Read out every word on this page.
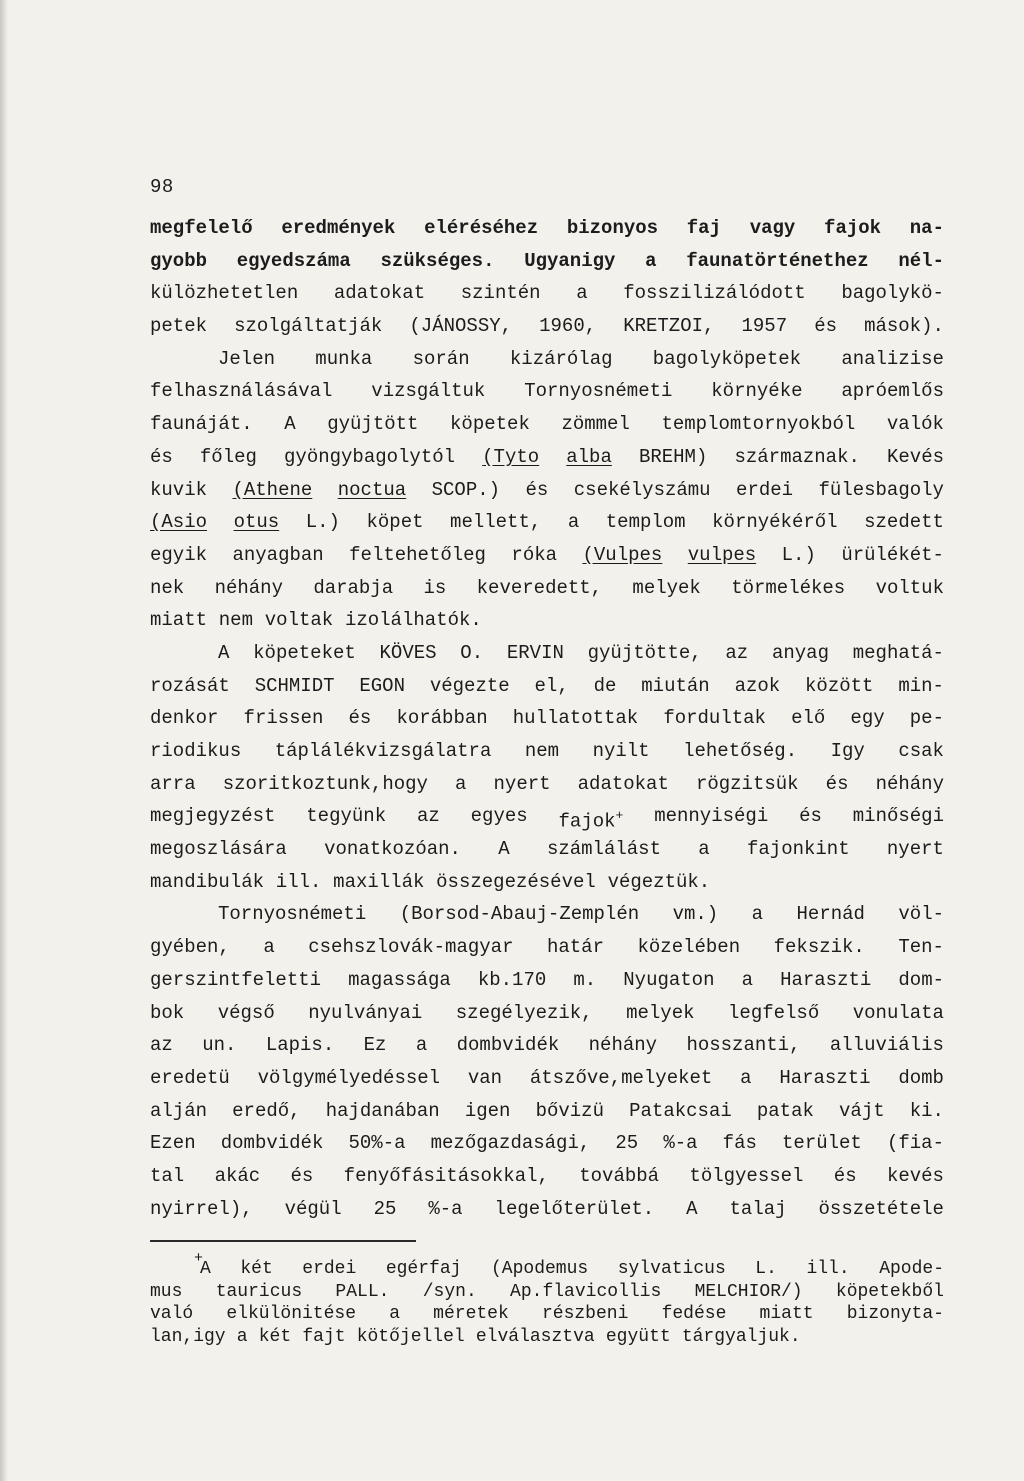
98
megfelelő eredmények eléréséhez bizonyos faj vagy fajok na-
gyobb egyedszáma szükséges. Ugyanigy a faunatörténethez nél-
külözhetetlen adatokat szintén a fosszilizálódott bagolykö-
petek szolgáltatják (JÁNOSSY, 1960, KRETZOI, 1957 és mások).
Jelen munka során kizárólag bagolyköpetek analizise
felhasználásával vizsgáltuk Tornyosnémeti környéke apróemlős
faunáját. A gyüjtött köpetek zömmel templomtornyokból valók
és főleg gyöngybagolytól (Tyto alba BREHM) származnak. Kevés
kuvik (Athene noctua SCOP.) és csekélyszámu erdei fülesbagoly
(Asio otus L.) köpet mellett, a templom környékéről szedett
egyik anyagban feltehetőleg róka (Vulpes vulpes L.) ürülékét-
nek néhány darabja is keveredett, melyek törmelékes voltuk
miatt nem voltak izolálhatók.
A köpeteket KÖVES O. ERVIN gyüjtötte, az anyag meghatá-
rozását SCHMIDT EGON végezte el, de miután azok között min-
denkor frissen és korábban hullatottak fordultak elő egy pe-
riodikus táplálékvizsgálatra nem nyilt lehetőség. Igy csak
arra szoritkoztunk,hogy a nyert adatokat rögzitsük és néhány
megjegyzést tegyünk az egyes fajok+ mennyiségi és minőségi
megoszlására vonatkozóan. A számlálást a fajonkint nyert
mandibulák ill. maxillák összegezésével végeztük.
Tornyosnémeti (Borsod-Abauj-Zemplén vm.) a Hernád völ-
gyében, a csehszlovák-magyar határ közelében fekszik. Ten-
gerszintfeletti magassága kb.170 m. Nyugaton a Haraszti dom-
bok végső nyulványai szegélyezik, melyek legfelső vonulata
az un. Lapis. Ez a dombvidék néhány hosszanti, alluviális
eredetü völgymélyedéssel van átszőve,melyeket a Haraszti domb
alján eredő, hajdanában igen bővizü Patakcsai patak vájt ki.
Ezen dombvidék 50%-a mezőgazdasági, 25 %-a fás terület (fia-
tal akác és fenyőfásitásokkal, továbbá tölgyessel és kevés
nyirrel), végül 25 %-a legelőterület. A talaj összetétele
+
A két erdei egérfaj (Apodemus sylvaticus L. ill. Apode-
mus tauricus PALL. /syn. Ap.flavicollis MELCHIOR/) köpetekből
való elkülönitése a méretek részbeni fedése miatt bizonyta-
lan,igy a két fajt kötőjellel elválasztva együtt tárgyaljuk.
